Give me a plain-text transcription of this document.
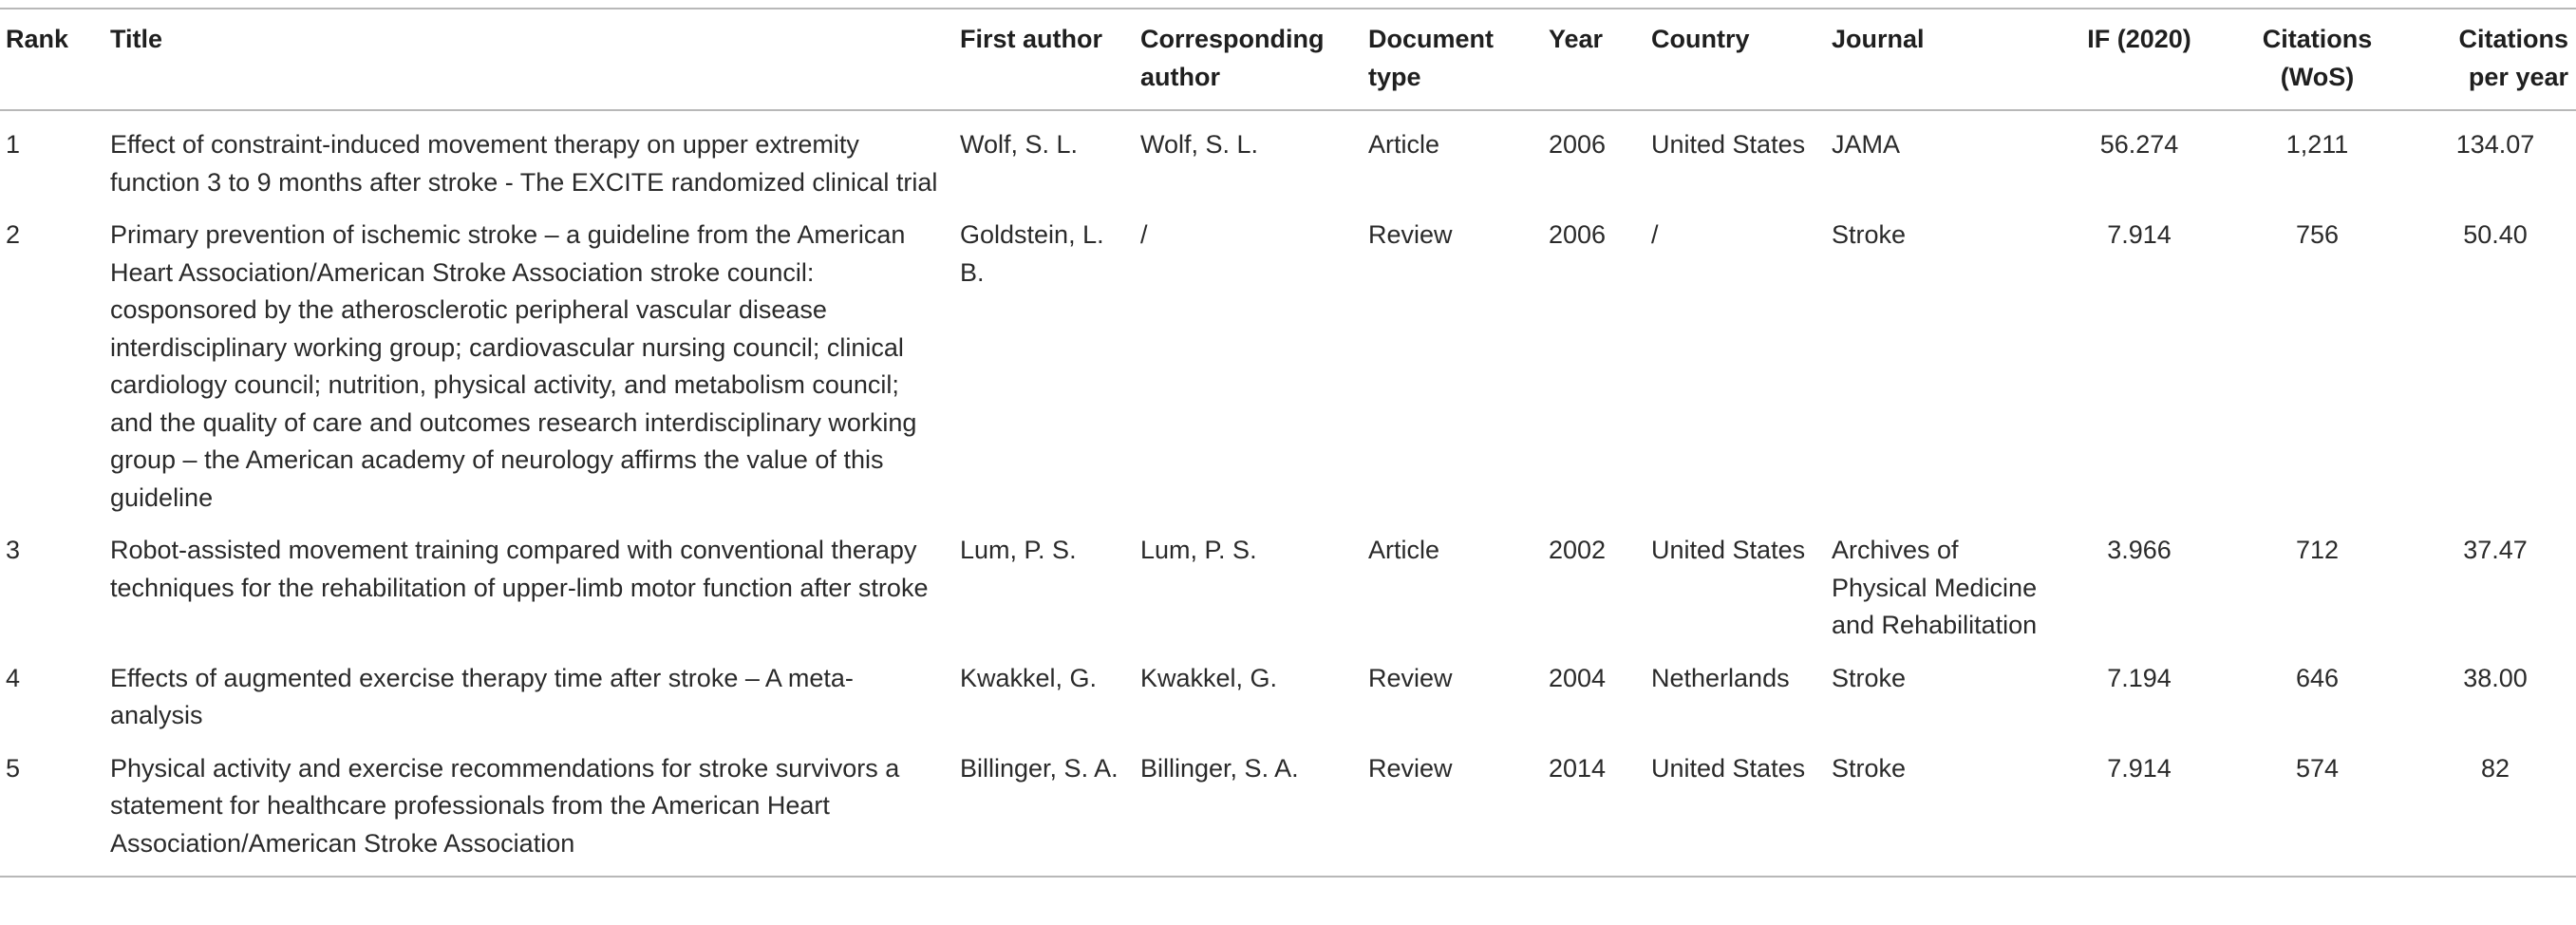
Rank	Title	First author	Corresponding author	Document type	Year	Country	Journal	IF (2020)	Citations (WoS)	Citations per year
1	Effect of constraint-induced movement therapy on upper extremity function 3 to 9 months after stroke - The EXCITE randomized clinical trial	Wolf, S. L.	Wolf, S. L.	Article	2006	United States	JAMA	56.274	1,211	134.07
2	Primary prevention of ischemic stroke – a guideline from the American Heart Association/American Stroke Association stroke council: cosponsored by the atherosclerotic peripheral vascular disease interdisciplinary working group; cardiovascular nursing council; clinical cardiology council; nutrition, physical activity, and metabolism council; and the quality of care and outcomes research interdisciplinary working group – the American academy of neurology affirms the value of this guideline	Goldstein, L. B.	/	Review	2006	/	Stroke	7.914	756	50.40
3	Robot-assisted movement training compared with conventional therapy techniques for the rehabilitation of upper-limb motor function after stroke	Lum, P. S.	Lum, P. S.	Article	2002	United States	Archives of Physical Medicine and Rehabilitation	3.966	712	37.47
4	Effects of augmented exercise therapy time after stroke – A meta-analysis	Kwakkel, G.	Kwakkel, G.	Review	2004	Netherlands	Stroke	7.194	646	38.00
5	Physical activity and exercise recommendations for stroke survivors a statement for healthcare professionals from the American Heart Association/American Stroke Association	Billinger, S. A.	Billinger, S. A.	Review	2014	United States	Stroke	7.914	574	82
